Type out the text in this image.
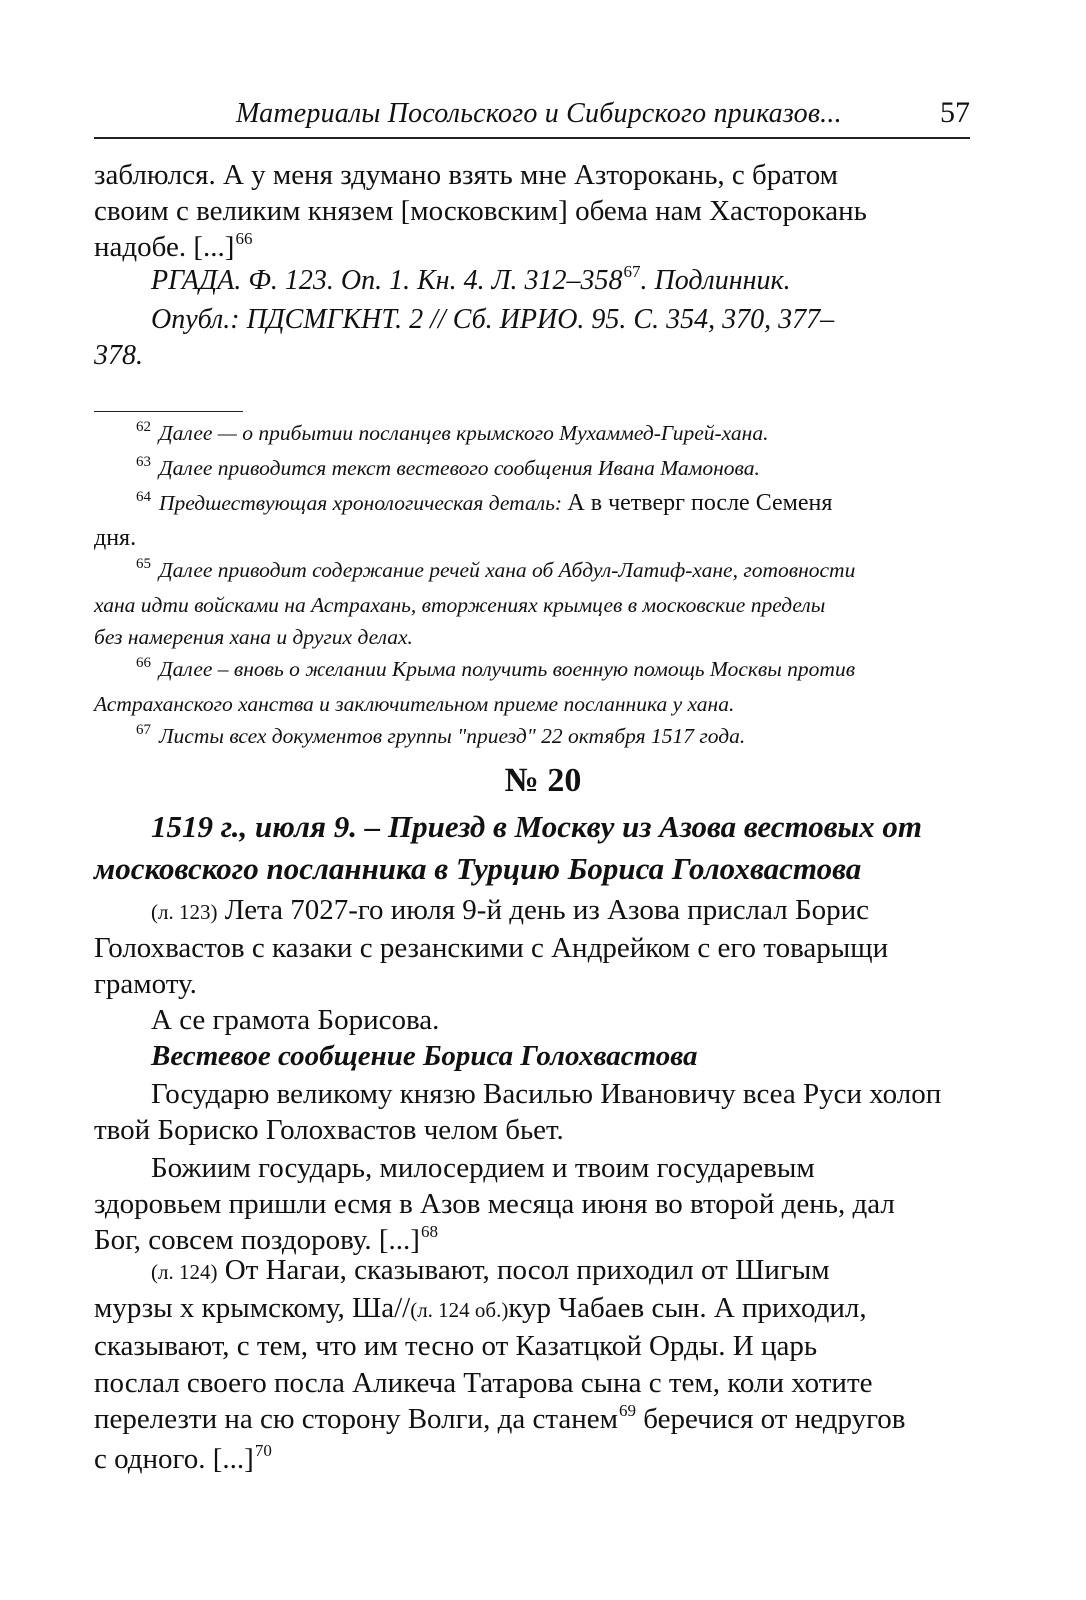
Материалы Посольского и Сибирского приказов...	57
заблюлся. А у меня здумано взять мне Азторокань, с братом
своим с великим князем [московским] обема нам Хасторокань
надобе. [...]$^{66}$
РГАДА. Ф. 123. Оп. 1. Кн. 4. Л. $312-358^{67}$. Подлинник.
Опубл.: ПДСМГКНТ. 2 // Сб. ИРИО. 95. С. 354, 370, 377–
378.
$^{62}$ Далее — о прибытии посланцев крымского Мухаммед-Гирей-хана.
$^{63}$ Далее приводится текст вестевого сообщения Ивана Мамонова.
$^{64}$ Предшествующая хронологическая деталь: А в четверг после Семеня
дня.
$^{65}$ Далее приводит содержание речей хана об Абдул-Латиф-хане, готовности
хана идти войсками на Астрахань, вторжениях крымцев в московские пределы
без намерения хана и других делах.
$^{66}$ Далее – вновь о желании Крыма получить военную помощь Москвы против
Астраханского ханства и заключительном приеме посланника у хана.
$^{67}$ Листы всех документов группы "приезд" 22 октября 1517 года.
№ 20
1519 г., июля 9. – Приезд в Москву из Азова вестовых от
московского посланника в Турцию Бориса Голохвастова
(л. 123) Лета 7027-го июля 9-й день из Азова прислал Борис
Голохвастов с казаки с резанскими с Андрейком с его товарыщи
грамоту.
А се грамота Борисова.
Вестевое сообщение Бориса Голохвастова
Государю великому князю Василью Ивановичу всеа Руси холоп
твой Бориско Голохвастов челом бьет.
Божиим государь, милосердием и твоим государевым
здоровьем пришли есмя в Азов месяца июня во второй день, дал
Бог, совсем поздорову. [...]$^{68}$
(л. 124) От Нагаи, сказывают, посол приходил от Шигым
мурзы х крымскому, Ша//(л. 124 об.)кур Чабаев сын. А приходил,
сказывают, с тем, что им тесно от Казатцкой Орды. И царь
послал своего посла Аликеча Татарова сына с тем, коли хотите
перелезти на сю сторону Волги, да станем$^{69}$ беречися от недругов
с одного. [...]$^{70}$
